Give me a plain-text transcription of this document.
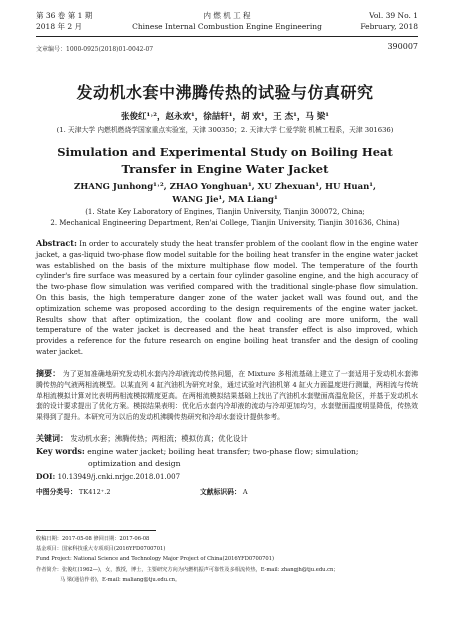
第 36 卷 第 1 期
2018 年 2 月
内 燃 机 工 程
Chinese Internal Combustion Engine Engineering
Vol. 39 No. 1
February, 2018
文章编号：1000-0925(2018)01-0042-07	390007
发动机水套中沸腾传热的试验与仿真研究
张俊红¹˒²，赵永欢¹，徐喆轩¹，胡 欢¹，王 杰¹，马 梁¹
(1. 天津大学 内燃机燃烧学国家重点实验室，天津 300350；2. 天津大学 仁爱学院 机械工程系，天津 301636)
Simulation and Experimental Study on Boiling Heat
Transfer in Engine Water Jacket
ZHANG Junhong¹˒², ZHAO Yonghuan¹, XU Zhexuan¹, HU Huan¹,
WANG Jie¹, MA Liang¹
(1. State Key Laboratory of Engines, Tianjin University, Tianjin 300072, China;
2. Mechanical Engineering Department, Ren'ai College, Tianjin University, Tianjin 301636, China)
Abstract: In order to accurately study the heat transfer problem of the coolant flow in the engine water jacket, a gas-liquid two-phase flow model suitable for the boiling heat transfer in the engine water jacket was established on the basis of the mixture multiphase flow model. The temperature of the fourth cylinder's fire surface was measured by a certain four cylinder gasoline engine, and the high accuracy of the two-phase flow simulation was verified compared with the traditional single-phase flow simulation. On this basis, the high temperature danger zone of the water jacket wall was found out, and the optimization scheme was proposed according to the design requirements of the engine water jacket. Results show that after optimization, the coolant flow and cooling are more uniform, the wall temperature of the water jacket is decreased and the heat transfer effect is also improved, which provides a reference for the future research on engine boiling heat transfer and the design of cooling water jacket.
摘要： 为了更加准确地研究发动机水套内冷却液流动传热问题，在 Mixture 多相流基础上建立了一套适用于发动机水套沸腾传热的气液两相流模型。以某直列 4 缸汽油机为研究对象，通过试验对汽油机第 4 缸火力面温度进行测量，两相流与传统单相流模拟计算对比表明两相流模拟精度更高。在两相流模拟结果基础上找出了汽油机水套壁面高温危险区，并基于发动机水套的设计要求提出了优化方案。模拟结果表明：优化后水套内冷却液的流动与冷却更加均匀，水套壁面温度明显降低，传热效果得到了提升。本研究可为以后的发动机沸腾传热研究和冷却水套设计提供参考。
关键词： 发动机水套；沸腾传热；两相流；模拟仿真；优化设计
Key words: engine water jacket; boiling heat transfer; two-phase flow; simulation;
optimization and design
DOI: 10.13949/j.cnki.nrjgc.2018.01.007
中图分类号： TK412⁺.2	文献标识码： A
收稿日期：2017-05-08 修回日期：2017-06-08
基金项目：国家科技重大专项项目(2016YFD0700701)
Fund Project: National Science and Technology Major Project of China(2016YFD0700701)
作者简介：张俊红(1962—)，女，教授，博士，主要研究方向为内燃机振声可靠性及多相流传热，E-mail: zhangjh@tju.edu.cn；
马 梁(通信作者)，E-mail: maliang@tju.edu.cn。
